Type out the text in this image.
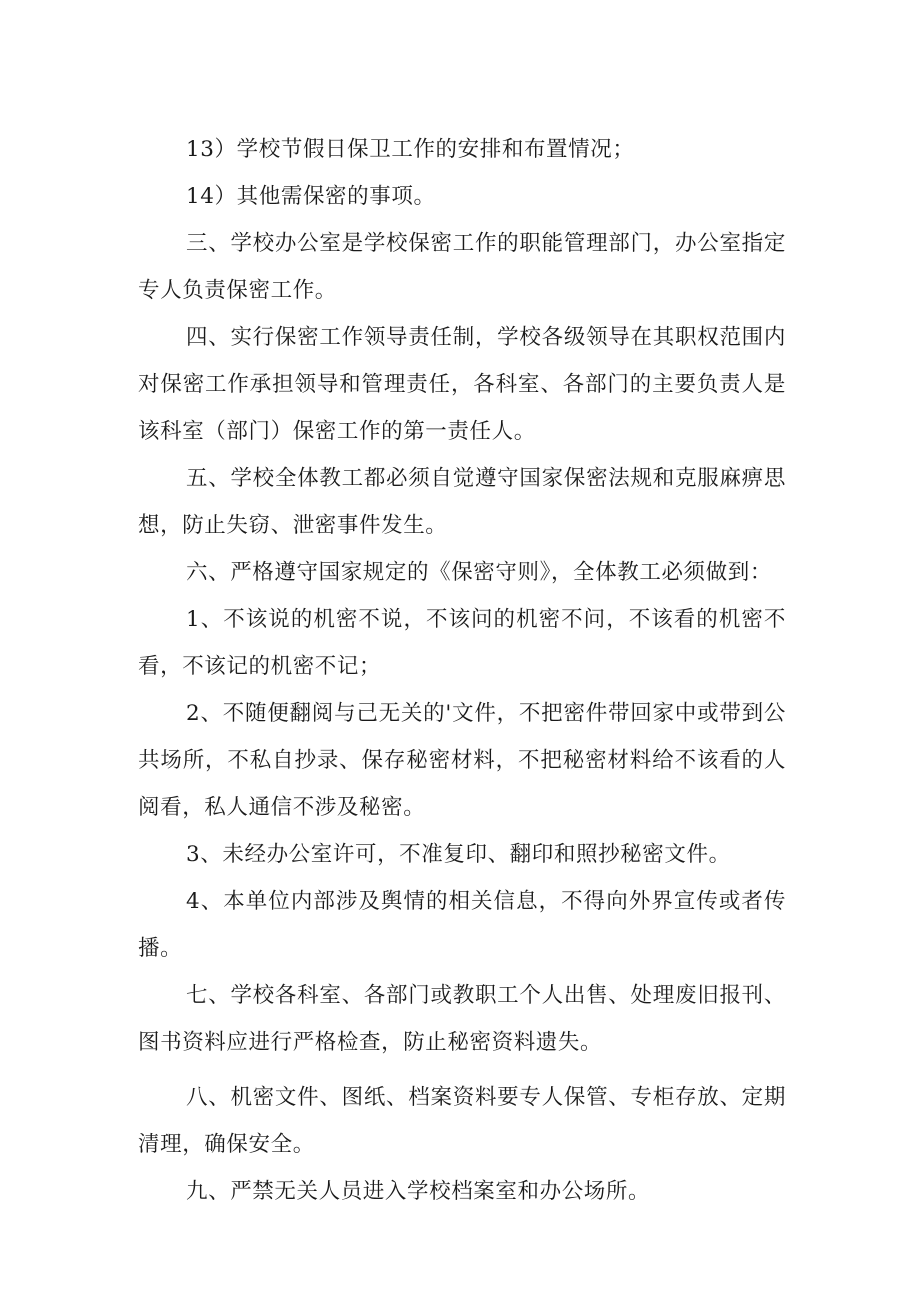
13）学校节假日保卫工作的安排和布置情况；

14）其他需保密的事项。

三、学校办公室是学校保密工作的职能管理部门，办公室指定专人负责保密工作。

四、实行保密工作领导责任制，学校各级领导在其职权范围内对保密工作承担领导和管理责任，各科室、各部门的主要负责人是该科室（部门）保密工作的第一责任人。

五、学校全体教工都必须自觉遵守国家保密法规和克服麻痹思想，防止失窃、泄密事件发生。

六、严格遵守国家规定的《保密守则》，全体教工必须做到：

1、不该说的机密不说，不该问的机密不问，不该看的机密不看，不该记的机密不记；

2、不随便翻阅与己无关的'文件，不把密件带回家中或带到公共场所，不私自抄录、保存秘密材料，不把秘密材料给不该看的人阅看，私人通信不涉及秘密。

3、未经办公室许可，不准复印、翻印和照抄秘密文件。

4、本单位内部涉及舆情的相关信息，不得向外界宣传或者传播。

七、学校各科室、各部门或教职工个人出售、处理废旧报刊、图书资料应进行严格检查，防止秘密资料遗失。

八、机密文件、图纸、档案资料要专人保管、专柜存放、定期清理，确保安全。

九、严禁无关人员进入学校档案室和办公场所。
